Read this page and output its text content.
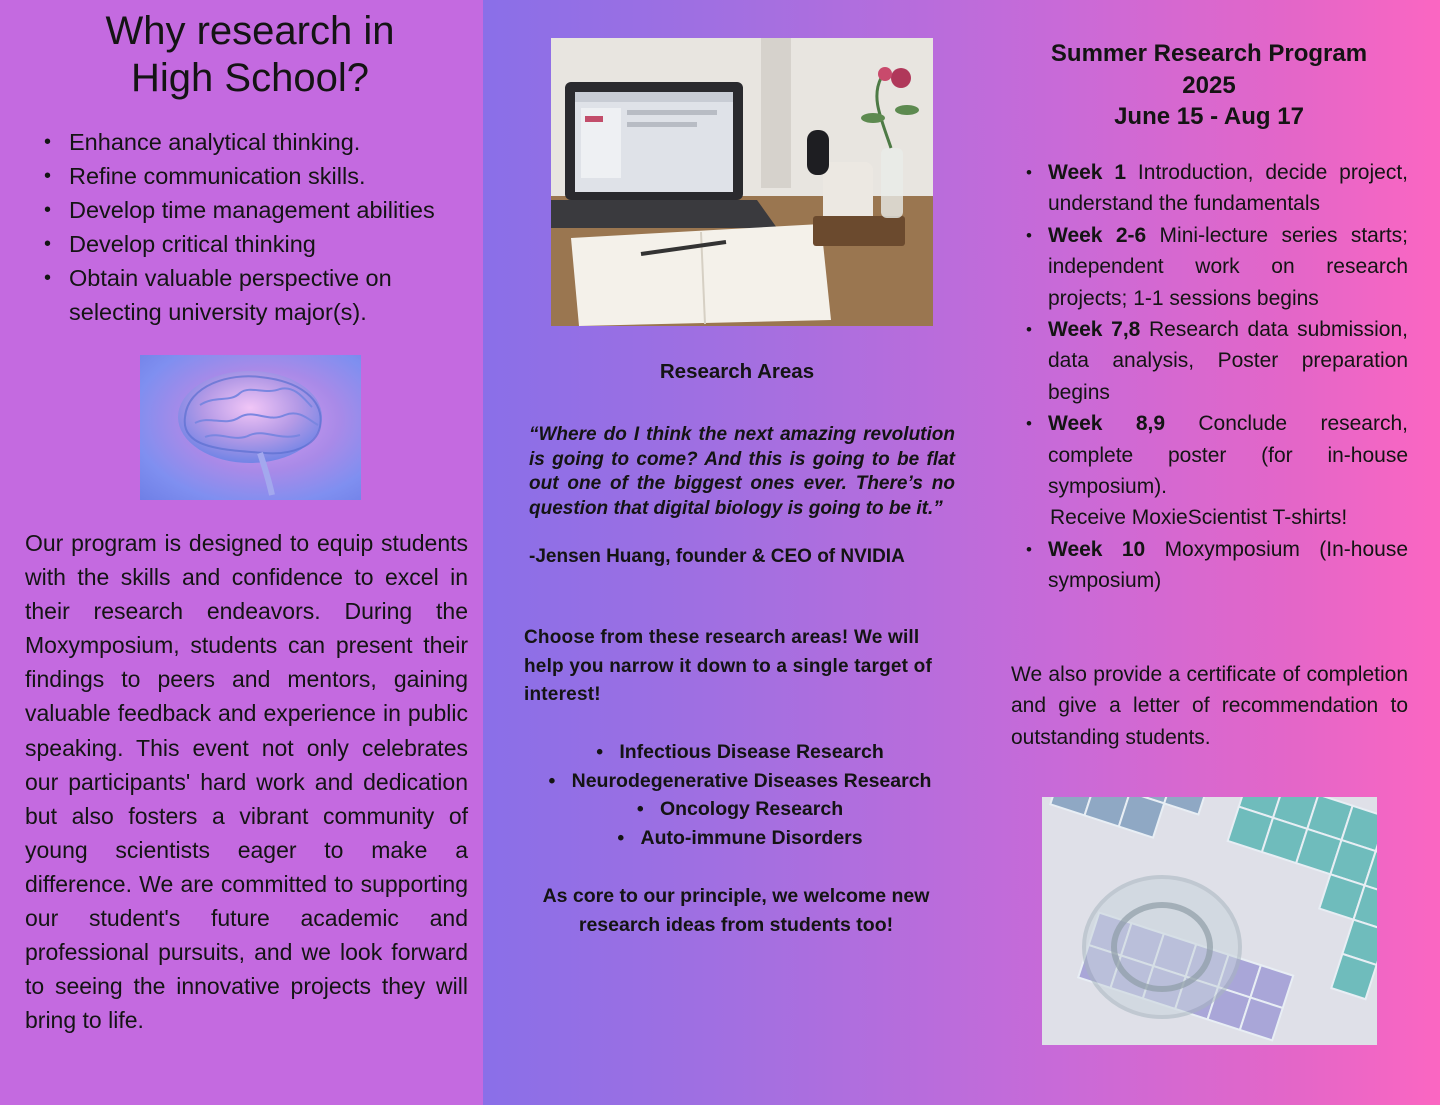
Why research in
High School?
• Enhance analytical thinking.
• Refine communication skills.
• Develop time management abilities
• Develop critical thinking
• Obtain valuable perspective on selecting university major(s).

Our program is designed to equip students with the skills and confidence to excel in their research endeavors. During the Moxymposium, students can present their findings to peers and mentors, gaining valuable feedback and experience in public speaking. This event not only celebrates our participants' hard work and dedication but also fosters a vibrant community of young scientists eager to make a difference. We are committed to supporting our student's future academic and professional pursuits, and we look forward to seeing the innovative projects they will bring to life.

Research Areas

“Where do I think the next amazing revolution is going to come? And this is going to be flat out one of the biggest ones ever. There’s no question that digital biology is going to be it.”

-Jensen Huang, founder & CEO of NVIDIA

Choose from these research areas! We will help you narrow it down to a single target of interest!

•   Infectious Disease Research
•   Neurodegenerative Diseases Research
•   Oncology Research
•   Auto-immune Disorders

As core to our principle, we welcome new research ideas from students too!

Summer Research Program
2025
June 15 - Aug 17
• Week 1 Introduction, decide project, understand the fundamentals
• Week 2-6 Mini-lecture series starts; independent work on research projects; 1-1 sessions begins
• Week 7,8 Research data submission, data analysis, Poster preparation begins
• Week 8,9 Conclude research, complete poster (for in-house symposium).
Receive MoxieScientist T-shirts!
• Week 10 Moxymposium (In-house symposium)

We also provide a certificate of completion and give a letter of recommendation to outstanding students.
